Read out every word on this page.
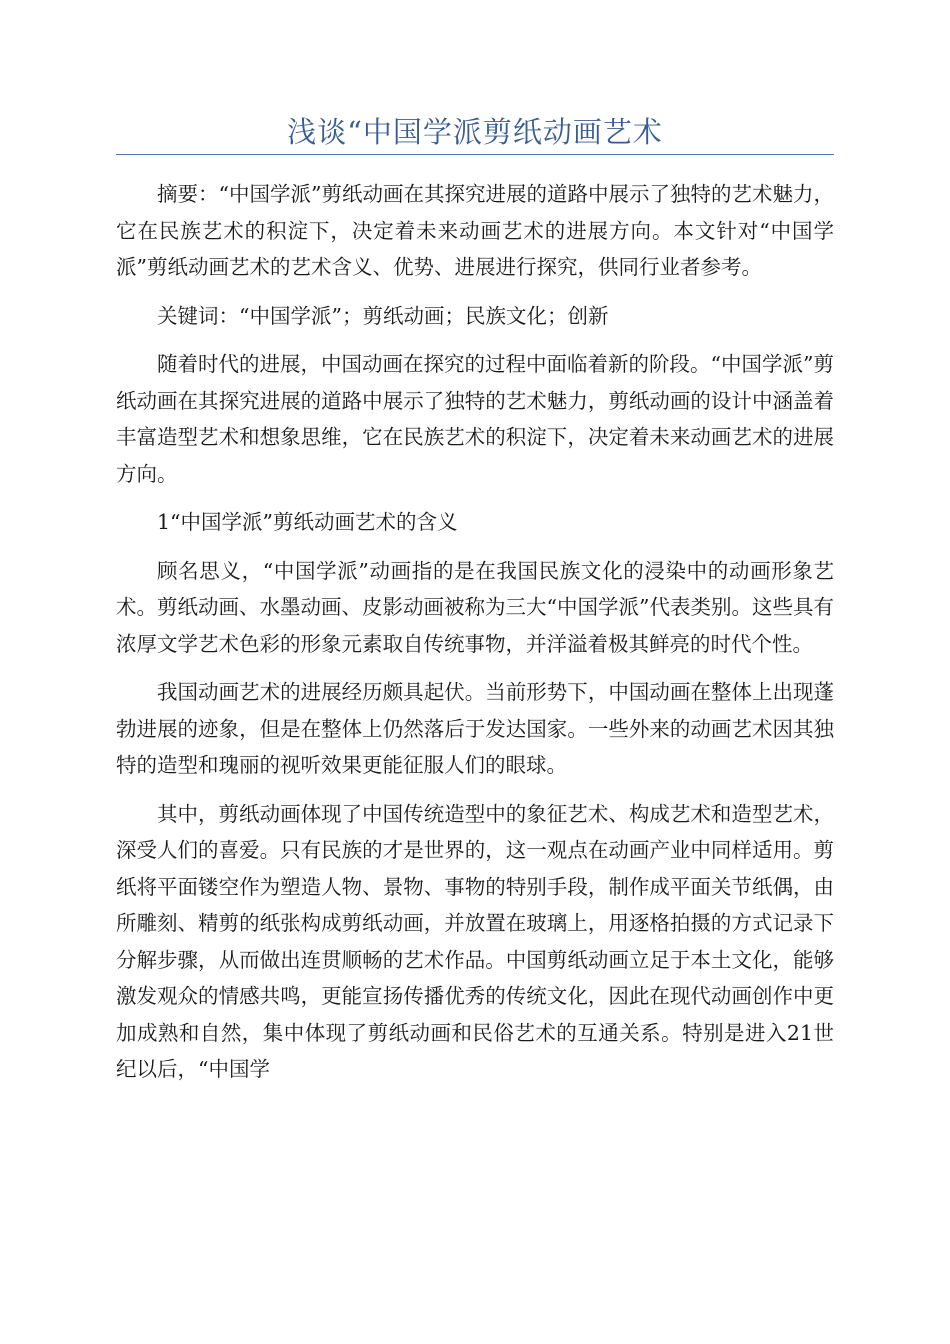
浅谈“中国学派剪纸动画艺术

摘要：“中国学派”剪纸动画在其探究进展的道路中展示了独特的艺术魅力，它在民族艺术的积淀下，决定着未来动画艺术的进展方向。本文针对“中国学派”剪纸动画艺术的艺术含义、优势、进展进行探究，供同行业者参考。

关键词：“中国学派”；剪纸动画；民族文化；创新

随着时代的进展，中国动画在探究的过程中面临着新的阶段。“中国学派”剪纸动画在其探究进展的道路中展示了独特的艺术魅力，剪纸动画的设计中涵盖着丰富造型艺术和想象思维，它在民族艺术的积淀下，决定着未来动画艺术的进展方向。

1“中国学派”剪纸动画艺术的含义

顾名思义，“中国学派”动画指的是在我国民族文化的浸染中的动画形象艺术。剪纸动画、水墨动画、皮影动画被称为三大“中国学派”代表类别。这些具有浓厚文学艺术色彩的形象元素取自传统事物，并洋溢着极其鲜亮的时代个性。

我国动画艺术的进展经历颇具起伏。当前形势下，中国动画在整体上出现蓬勃进展的迹象，但是在整体上仍然落后于发达国家。一些外来的动画艺术因其独特的造型和瑰丽的视听效果更能征服人们的眼球。

其中，剪纸动画体现了中国传统造型中的象征艺术、构成艺术和造型艺术，深受人们的喜爱。只有民族的才是世界的，这一观点在动画产业中同样适用。剪纸将平面镂空作为塑造人物、景物、事物的特别手段，制作成平面关节纸偶，由所雕刻、精剪的纸张构成剪纸动画，并放置在玻璃上，用逐格拍摄的方式记录下分解步骤，从而做出连贯顺畅的艺术作品。中国剪纸动画立足于本土文化，能够激发观众的情感共鸣，更能宣扬传播优秀的传统文化，因此在现代动画创作中更加成熟和自然，集中体现了剪纸动画和民俗艺术的互通关系。特别是进入21世纪以后，“中国学
